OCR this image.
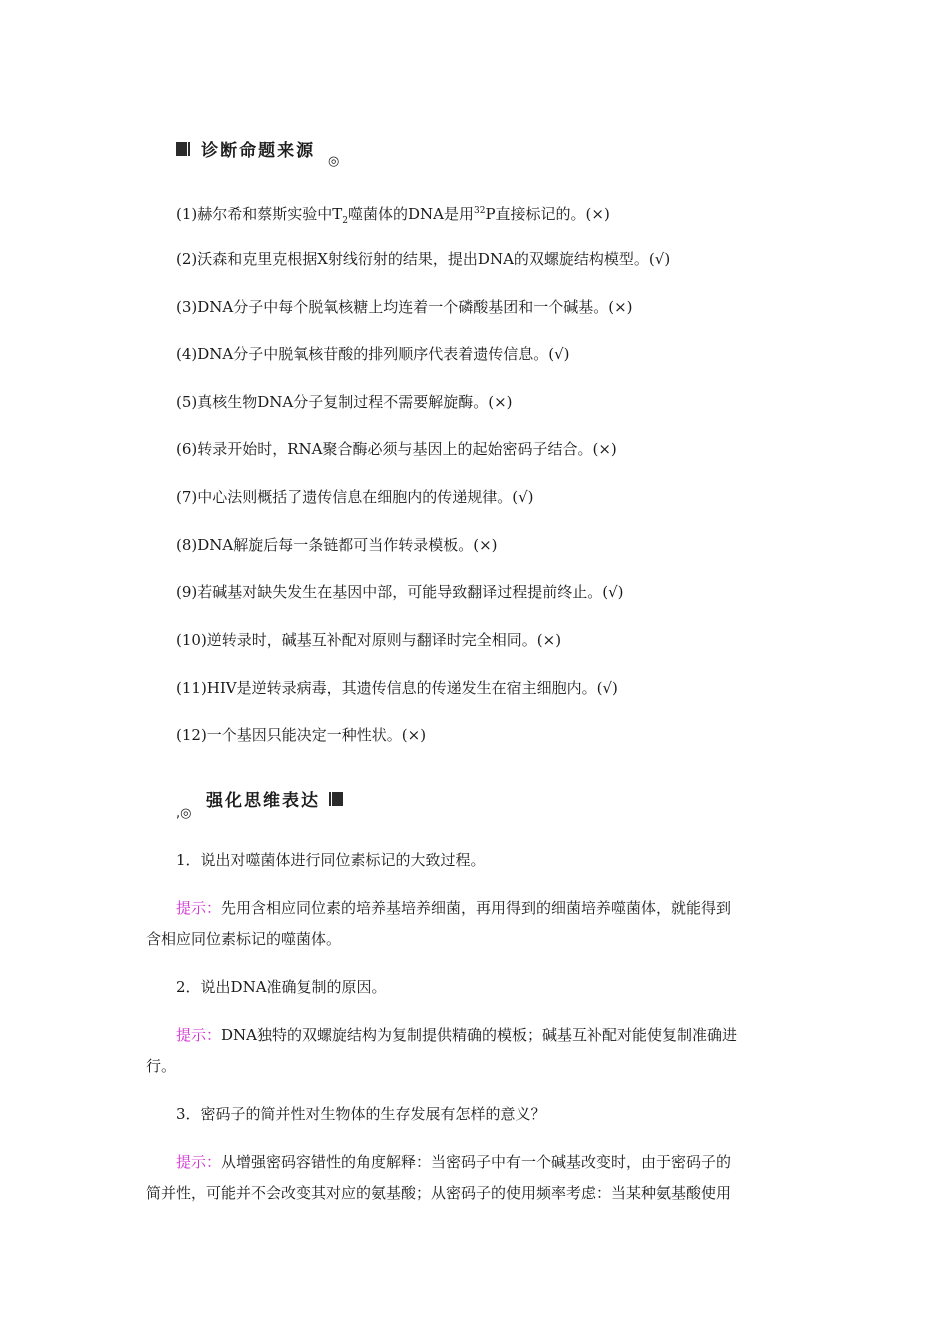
诊断命题来源
◎
(1)赫尔希和蔡斯实验中$T_2$噬菌体的DNA是用$^{32}$P直接标记的。(×)
(2)沃森和克里克根据X射线衍射的结果，提出DNA的双螺旋结构模型。(√)
(3)DNA分子中每个脱氧核糖上均连着一个磷酸基团和一个碱基。(×)
(4)DNA分子中脱氧核苷酸的排列顺序代表着遗传信息。(√)
(5)真核生物DNA分子复制过程不需要解旋酶。(×)
(6)转录开始时，RNA聚合酶必须与基因上的起始密码子结合。(×)
(7)中心法则概括了遗传信息在细胞内的传递规律。(√)
(8)DNA解旋后每一条链都可当作转录模板。(×)
(9)若碱基对缺失发生在基因中部，可能导致翻译过程提前终止。(√)
(10)逆转录时，碱基互补配对原则与翻译时完全相同。(×)
(11)HIV是逆转录病毒，其遗传信息的传递发生在宿主细胞内。(√)
(12)一个基因只能决定一种性状。(×)
强化思维表达
,◎
1．说出对噬菌体进行同位素标记的大致过程。
提示：先用含相应同位素的培养基培养细菌，再用得到的细菌培养噬菌体，就能得到
含相应同位素标记的噬菌体。
2．说出DNA准确复制的原因。
提示：DNA独特的双螺旋结构为复制提供精确的模板；碱基互补配对能使复制准确进
行。
3．密码子的简并性对生物体的生存发展有怎样的意义？
提示：从增强密码容错性的角度解释：当密码子中有一个碱基改变时，由于密码子的
简并性，可能并不会改变其对应的氨基酸；从密码子的使用频率考虑：当某种氨基酸使用
